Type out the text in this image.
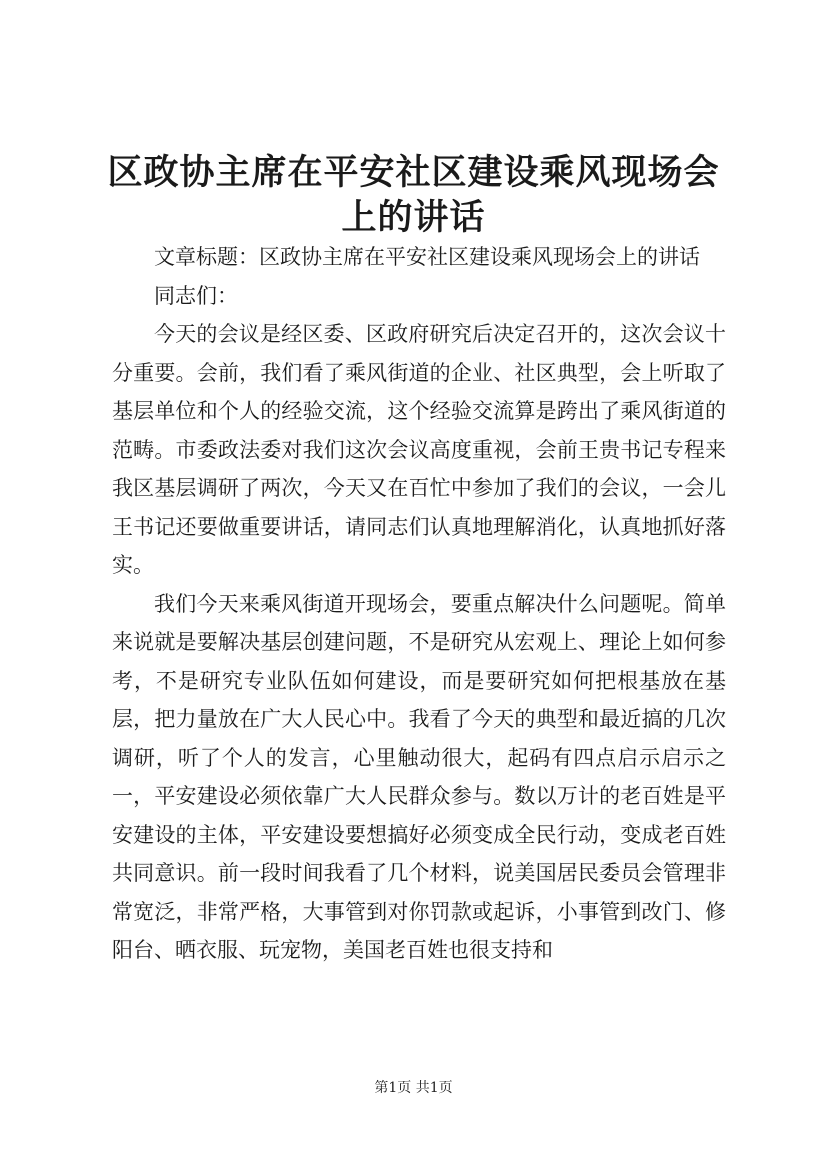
区政协主席在平安社区建设乘风现场会上的讲话

文章标题：区政协主席在平安社区建设乘风现场会上的讲话

同志们：

今天的会议是经区委、区政府研究后决定召开的，这次会议十分重要。会前，我们看了乘风街道的企业、社区典型，会上听取了基层单位和个人的经验交流，这个经验交流算是跨出了乘风街道的范畴。市委政法委对我们这次会议高度重视，会前王贵书记专程来我区基层调研了两次，今天又在百忙中参加了我们的会议，一会儿王书记还要做重要讲话，请同志们认真地理解消化，认真地抓好落实。

我们今天来乘风街道开现场会，要重点解决什么问题呢。简单来说就是要解决基层创建问题，不是研究从宏观上、理论上如何参考，不是研究专业队伍如何建设，而是要研究如何把根基放在基层，把力量放在广大人民心中。我看了今天的典型和最近搞的几次调研，听了个人的发言，心里触动很大，起码有四点启示启示之一，平安建设必须依靠广大人民群众参与。数以万计的老百姓是平安建设的主体，平安建设要想搞好必须变成全民行动，变成老百姓共同意识。前一段时间我看了几个材料，说美国居民委员会管理非常宽泛，非常严格，大事管到对你罚款或起诉，小事管到改门、修阳台、晒衣服、玩宠物，美国老百姓也很支持和

第1页 共1页
